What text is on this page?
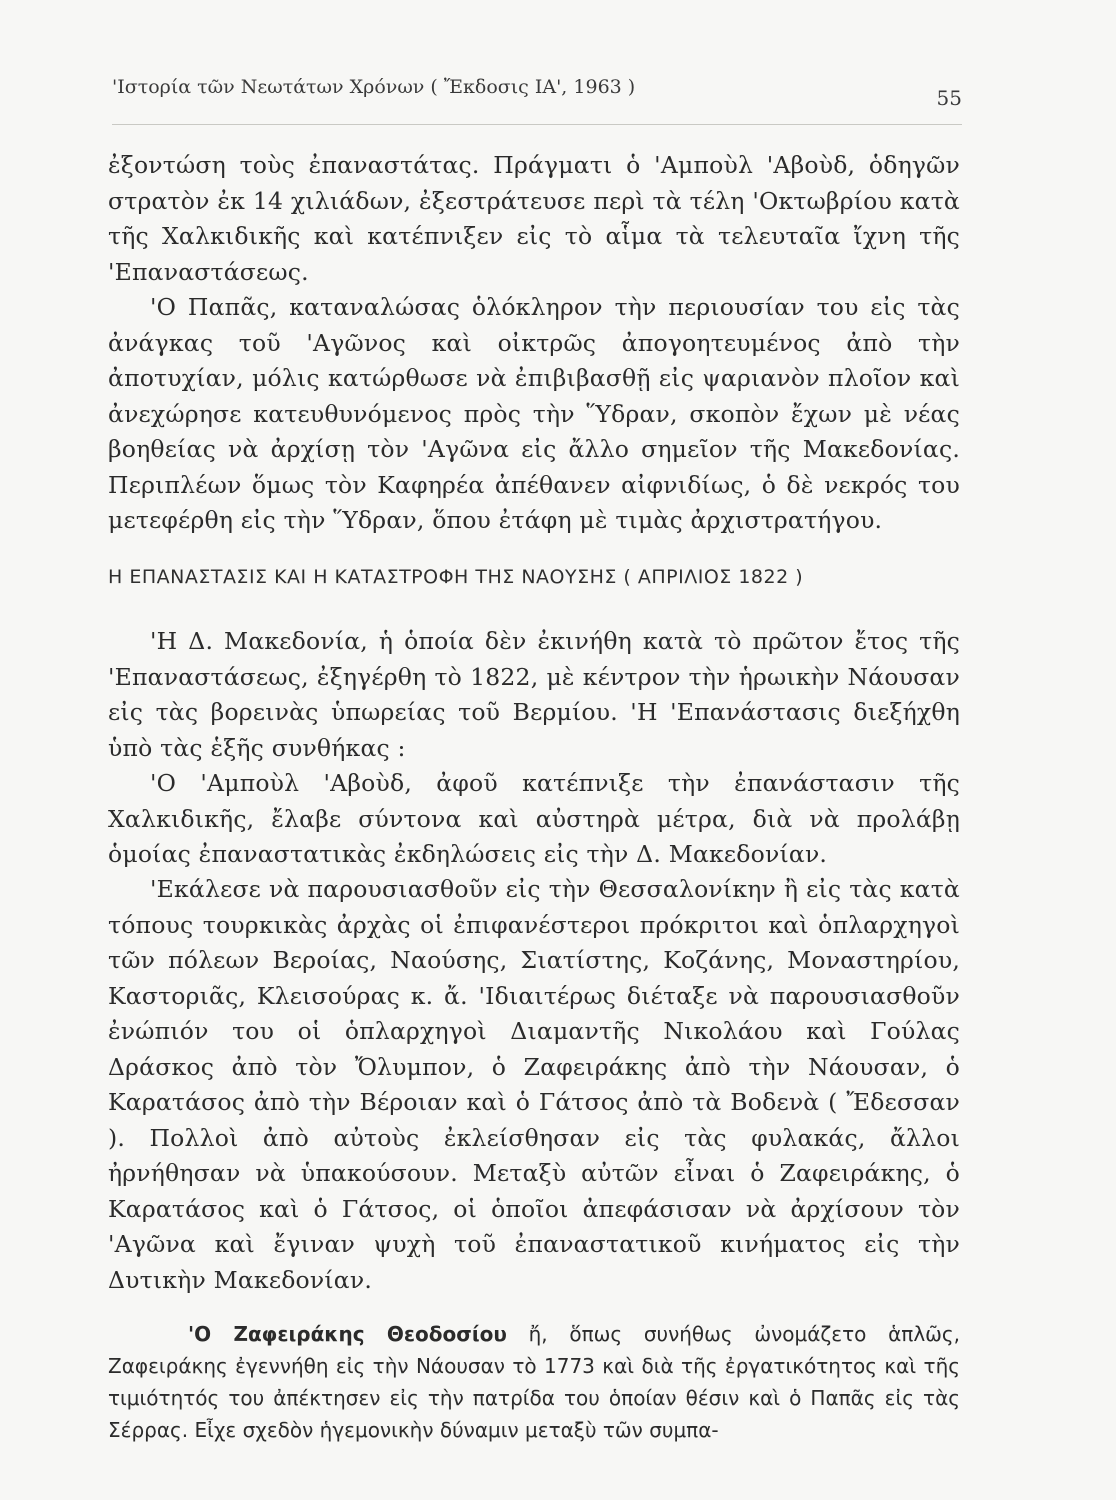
'Ιστορία τῶν Νεωτάτων Χρόνων ( Ἔκδοσις ΙΑ', 1963 )	55

ἐξοντώση τοὺς ἐπαναστάτας. Πράγματι ὁ 'Αμποὺλ 'Αβοὺδ, ὁδηγῶν στρατὸν ἐκ 14 χιλιάδων, ἐξεστράτευσε περὶ τὰ τέλη 'Οκτωβρίου κατὰ τῆς Χαλκιδικῆς καὶ κατέπνιξεν εἰς τὸ αἷμα τὰ τελευταῖα ἴχνη τῆς 'Επαναστάσεως.

'Ο Παπᾶς, καταναλώσας ὁλόκληρον τὴν περιουσίαν του εἰς τὰς ἀνάγκας τοῦ 'Αγῶνος καὶ οἰκτρῶς ἀπογοητευμένος ἀπὸ τὴν ἀποτυχίαν, μόλις κατώρθωσε νὰ ἐπιβιβασθῇ εἰς ψαριανὸν πλοῖον καὶ ἀνεχώρησε κατευθυνόμενος πρὸς τὴν Ὕδραν, σκοπὸν ἔχων μὲ νέας βοηθείας νὰ ἀρχίσῃ τὸν 'Αγῶνα εἰς ἄλλο σημεῖον τῆς Μακεδονίας. Περιπλέων ὅμως τὸν Καφηρέα ἀπέθανεν αἰφνιδίως, ὁ δὲ νεκρός του μετεφέρθη εἰς τὴν Ὕδραν, ὅπου ἐτάφη μὲ τιμὰς ἀρχιστρατήγου.

Η ΕΠΑΝΑΣΤΑΣΙΣ ΚΑΙ Η ΚΑΤΑΣΤΡΟΦΗ ΤΗΣ ΝΑΟΥΣΗΣ ( ΑΠΡΙΛΙΟΣ 1822 )

'Η Δ. Μακεδονία, ἡ ὁποία δὲν ἐκινήθη κατὰ τὸ πρῶτον ἔτος τῆς 'Επαναστάσεως, ἐξηγέρθη τὸ 1822, μὲ κέντρον τὴν ἡρωικὴν Νάουσαν εἰς τὰς βορεινὰς ὑπωρείας τοῦ Βερμίου. 'Η 'Επανάστασις διεξήχθη ὑπὸ τὰς ἑξῆς συνθήκας :

'Ο 'Αμποὺλ 'Αβοὺδ, ἀφοῦ κατέπνιξε τὴν ἐπανάστασιν τῆς Χαλκιδικῆς, ἔλαβε σύντονα καὶ αὐστηρὰ μέτρα, διὰ νὰ προλάβῃ ὁμοίας ἐπαναστατικὰς ἐκδηλώσεις εἰς τὴν Δ. Μακεδονίαν.

'Εκάλεσε νὰ παρουσιασθοῦν εἰς τὴν Θεσσαλονίκην ἢ εἰς τὰς κατὰ τόπους τουρκικὰς ἀρχὰς οἱ ἐπιφανέστεροι πρόκριτοι καὶ ὁπλαρχηγοὶ τῶν πόλεων Βεροίας, Ναούσης, Σιατίστης, Κοζάνης, Μοναστηρίου, Καστοριᾶς, Κλεισούρας κ. ἄ. 'Ιδιαιτέρως διέταξε νὰ παρουσιασθοῦν ἐνώπιόν του οἱ ὁπλαρχηγοὶ Διαμαντῆς Νικολάου καὶ Γούλας Δράσκος ἀπὸ τὸν Ὄλυμπον, ὁ Ζαφειράκης ἀπὸ τὴν Νάουσαν, ὁ Καρατάσος ἀπὸ τὴν Βέροιαν καὶ ὁ Γάτσος ἀπὸ τὰ Βοδενὰ ( Ἔδεσσαν ). Πολλοὶ ἀπὸ αὐτοὺς ἐκλείσθησαν εἰς τὰς φυλακάς, ἄλλοι ἠρνήθησαν νὰ ὑπακούσουν. Μεταξὺ αὐτῶν εἶναι ὁ Ζαφειράκης, ὁ Καρατάσος καὶ ὁ Γάτσος, οἱ ὁποῖοι ἀπεφάσισαν νὰ ἀρχίσουν τὸν 'Αγῶνα καὶ ἔγιναν ψυχὴ τοῦ ἐπαναστατικοῦ κινήματος εἰς τὴν Δυτικὴν Μακεδονίαν.

'Ο Ζαφειράκης Θεοδοσίου ἤ, ὅπως συνήθως ὠνομάζετο ἁπλῶς, Ζαφειράκης ἐγεννήθη εἰς τὴν Νάουσαν τὸ 1773 καὶ διὰ τῆς ἐργατικότητος καὶ τῆς τιμιότητός του ἀπέκτησεν εἰς τὴν πατρίδα του ὁποίαν θέσιν καὶ ὁ Παπᾶς εἰς τὰς Σέρρας. Εἶχε σχεδὸν ἡγεμονικὴν δύναμιν μεταξὺ τῶν συμπα-
